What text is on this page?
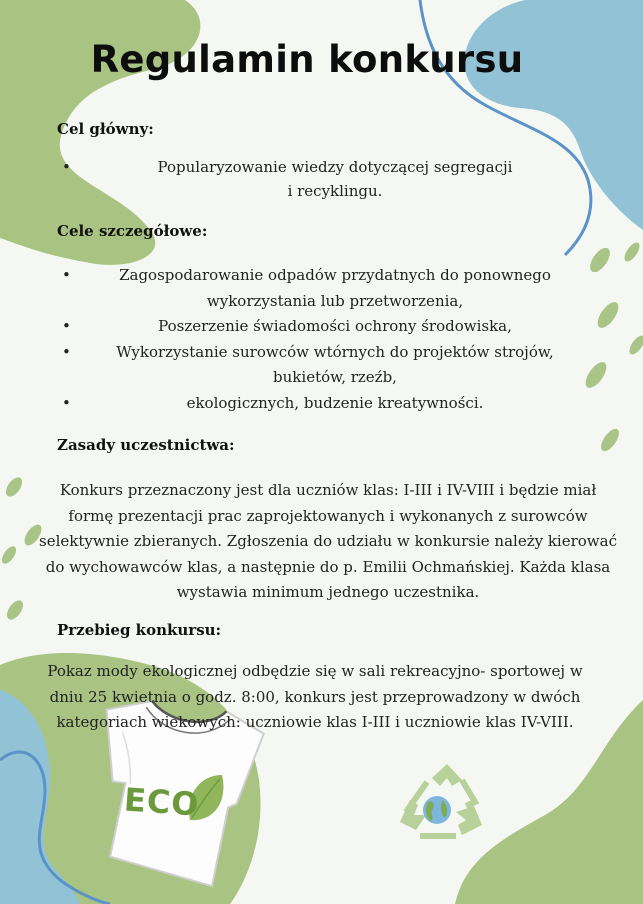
ECO
Regulamin konkursu
Cel główny:
•	Popularyzowanie wiedzy dotyczącej segregacji
i recyklingu.
Cele szczegółowe:
•	Zagospodarowanie odpadów przydatnych do ponownego
wykorzystania lub przetworzenia,
•	Poszerzenie świadomości ochrony środowiska,
•	Wykorzystanie surowców wtórnych do projektów strojów,
bukietów, rzeźb,
•	ekologicznych, budzenie kreatywności.
Zasady uczestnictwa:
Konkurs przeznaczony jest dla uczniów klas: I-III i IV-VIII i będzie miał formę prezentacji prac zaprojektowanych i wykonanych z surowców selektywnie zbieranych. Zgłoszenia do udziału w konkursie należy kierować do wychowawców klas, a następnie do p. Emilii Ochmańskiej. Każda klasa wystawia minimum jednego uczestnika.
Przebieg konkursu:
Pokaz mody ekologicznej odbędzie się w sali rekreacyjno- sportowej w dniu 25 kwietnia o godz. 8:00, konkurs jest przeprowadzony w dwóch kategoriach wiekowych: uczniowie klas I-III i uczniowie klas IV-VIII.
